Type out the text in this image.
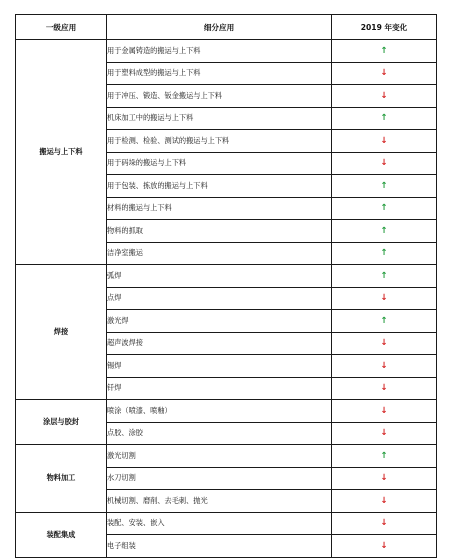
一级应用	细分应用	2019 年变化
搬运与上下料	用于金属铸造的搬运与上下料	↑
	用于塑料成型的搬运与上下料	↓
	用于冲压、锻造、钣金搬运与上下料	↓
	机床加工中的搬运与上下料	↑
	用于检测、检验、测试的搬运与上下料	↓
	用于码垛的搬运与上下料	↓
	用于包装、拣放的搬运与上下料	↑
	材料的搬运与上下料	↑
	物料的抓取	↑
	洁净室搬运	↑
焊接	弧焊	↑
	点焊	↓
	激光焊	↑
	超声波焊接	↓
	锡焊	↓
	钎焊	↓
涂层与胶封	喷涂（喷漆、喷釉）	↓
	点胶、涂胶	↓
物料加工	激光切割	↑
	水刀切割	↓
	机械切割、磨削、去毛刺、抛光	↓
装配集成	装配、安装、嵌入	↓
	电子组装	↓
